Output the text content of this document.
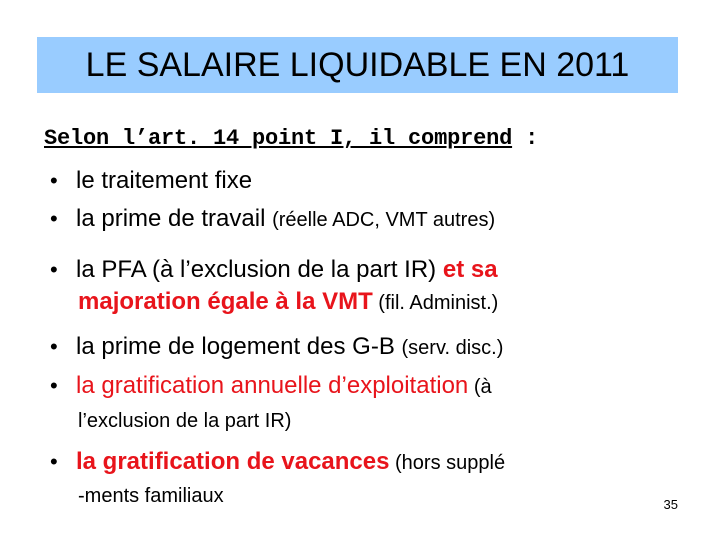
LE SALAIRE LIQUIDABLE EN 2011
Selon l’art. 14 point I, il comprend :
• le traitement fixe
• la prime de travail (réelle ADC, VMT autres)
• la PFA (à l’exclusion de la part IR) et sa
majoration égale à la VMT (fil. Administ.)
• la prime de logement des G-B (serv. disc.)
• la gratification annuelle d’exploitation (à
l’exclusion de la part IR)
• la gratification de vacances (hors supplé
-ments familiaux	35
